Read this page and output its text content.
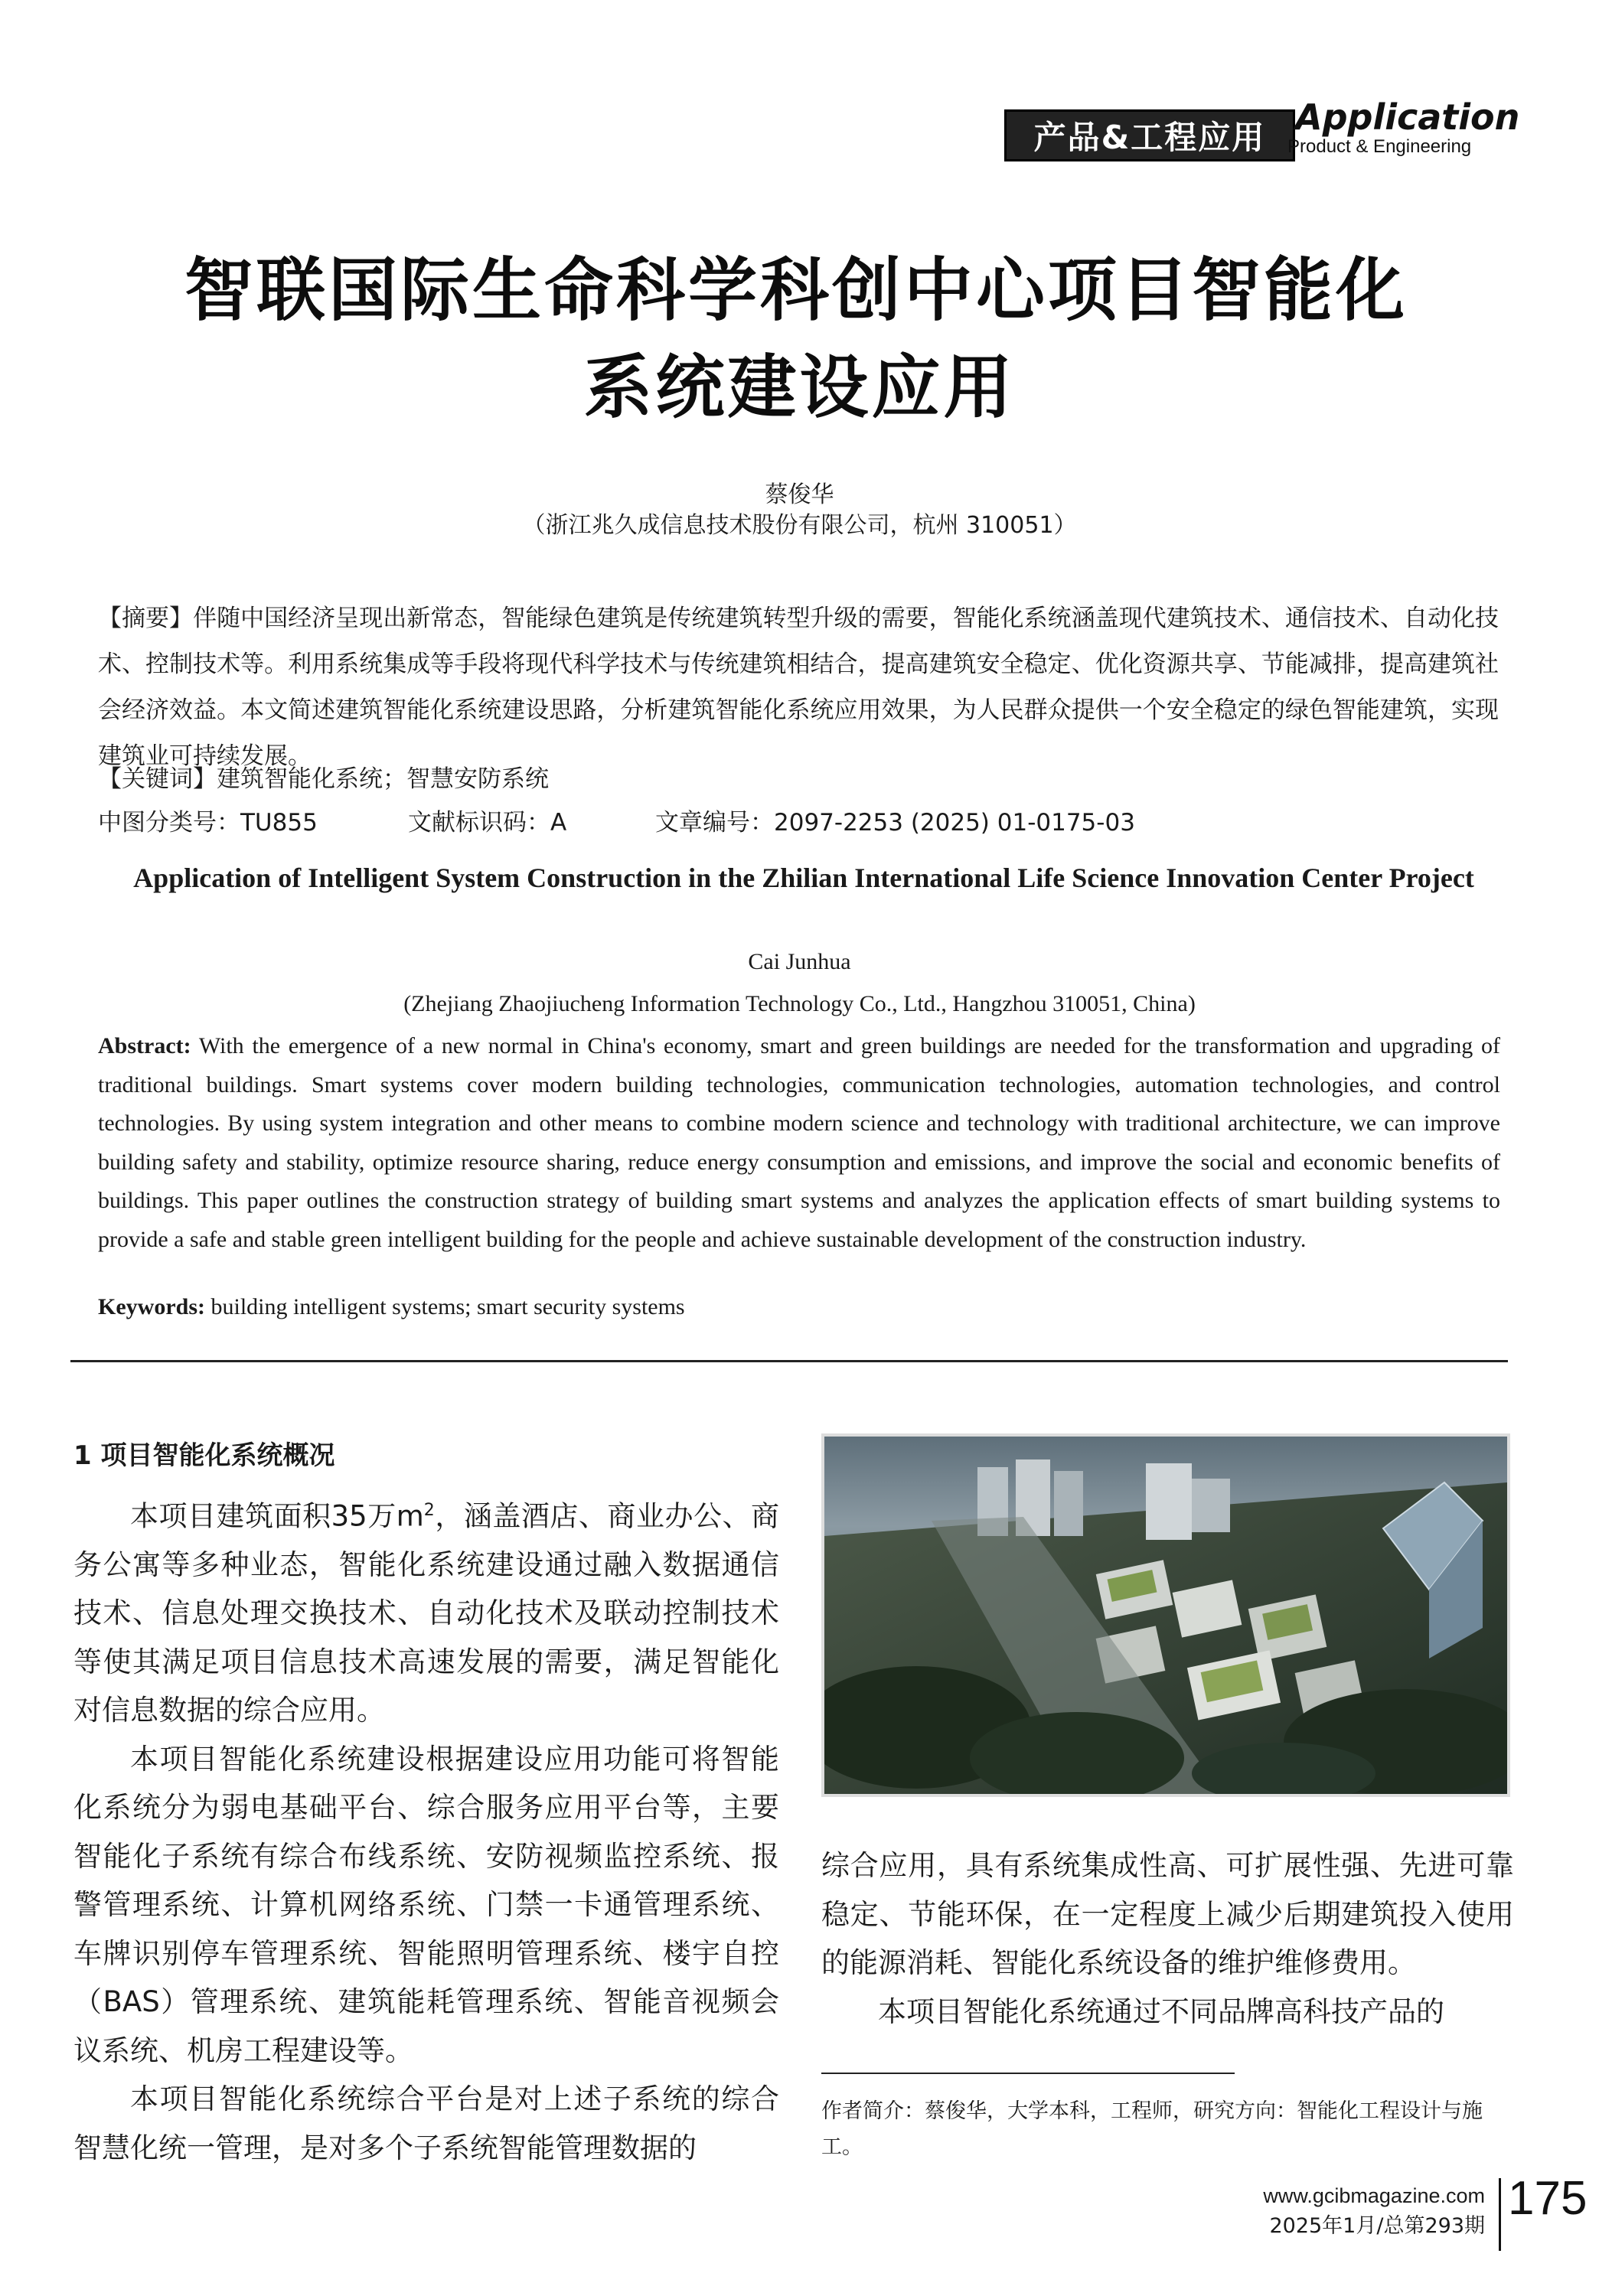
产品&工程应用 Application
Product & Engineering
智联国际生命科学科创中心项目智能化
系统建设应用
蔡俊华
（浙江兆久成信息技术股份有限公司，杭州 310051）
【摘要】伴随中国经济呈现出新常态，智能绿色建筑是传统建筑转型升级的需要，智能化系统涵盖现代建筑技术、通信技术、自动化技术、控制技术等。利用系统集成等手段将现代科学技术与传统建筑相结合，提高建筑安全稳定、优化资源共享、节能减排，提高建筑社会经济效益。本文简述建筑智能化系统建设思路，分析建筑智能化系统应用效果，为人民群众提供一个安全稳定的绿色智能建筑，实现建筑业可持续发展。
【关键词】建筑智能化系统；智慧安防系统
中图分类号：TU855	文献标识码：A	文章编号：2097-2253 (2025) 01-0175-03
Application of Intelligent System Construction in the Zhilian International Life Science Innovation Center Project
Cai Junhua
(Zhejiang Zhaojiucheng Information Technology Co., Ltd., Hangzhou 310051, China)
Abstract: With the emergence of a new normal in China's economy, smart and green buildings are needed for the transformation and upgrading of traditional buildings. Smart systems cover modern building technologies, communication technologies, automation technologies, and control technologies. By using system integration and other means to combine modern science and technology with traditional architecture, we can improve building safety and stability, optimize resource sharing, reduce energy consumption and emissions, and improve the social and economic benefits of buildings. This paper outlines the construction strategy of building smart systems and analyzes the application effects of smart building systems to provide a safe and stable green intelligent building for the people and achieve sustainable development of the construction industry.
Keywords: building intelligent systems; smart security systems
1 项目智能化系统概况

本项目建筑面积35万$m^2$，涵盖酒店、商业办公、商务公寓等多种业态，智能化系统建设通过融入数据通信技术、信息处理交换技术、自动化技术及联动控制技术等使其满足项目信息技术高速发展的需要，满足智能化对信息数据的综合应用。

本项目智能化系统建设根据建设应用功能可将智能化系统分为弱电基础平台、综合服务应用平台等，主要智能化子系统有综合布线系统、安防视频监控系统、报警管理系统、计算机网络系统、门禁一卡通管理系统、车牌识别停车管理系统、智能照明管理系统、楼宇自控（BAS）管理系统、建筑能耗管理系统、智能音视频会议系统、机房工程建设等。

本项目智能化系统综合平台是对上述子系统的综合智慧化统一管理，是对多个子系统智能管理数据的

综合应用，具有系统集成性高、可扩展性强、先进可靠稳定、节能环保，在一定程度上减少后期建筑投入使用的能源消耗、智能化系统设备的维护维修费用。

本项目智能化系统通过不同品牌高科技产品的

作者简介：蔡俊华，大学本科，工程师，研究方向：智能化工程设计与施工。
www.gcibmagazine.com
2025年1月/总第293期
175
